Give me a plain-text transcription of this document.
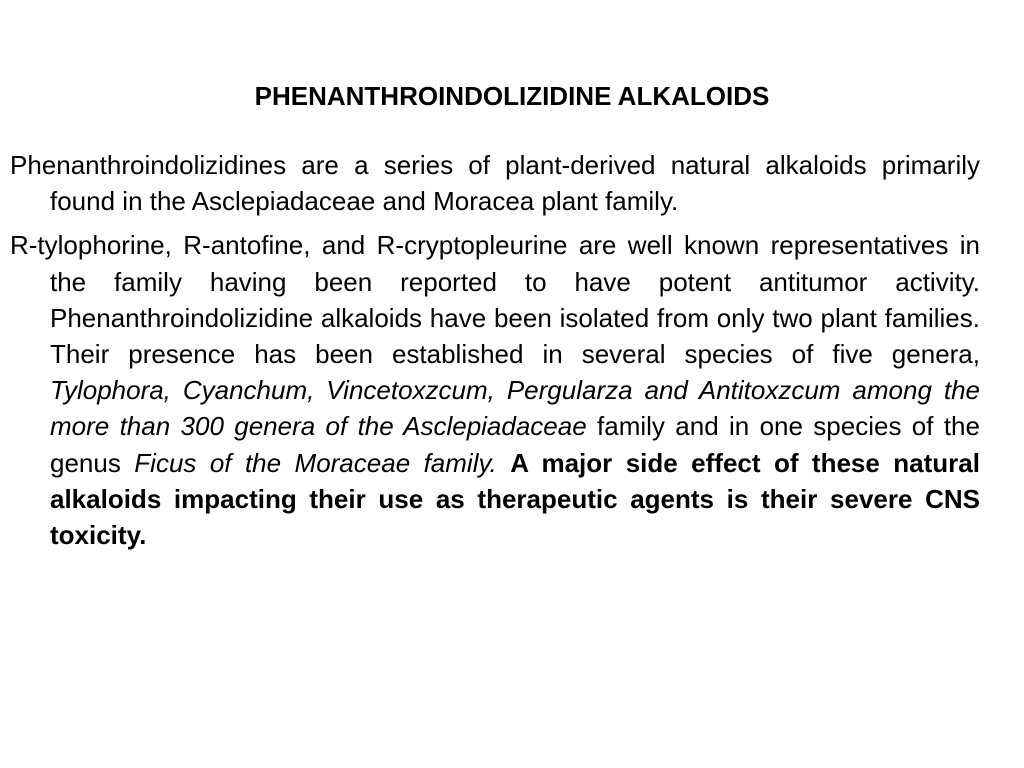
PHENANTHROINDOLIZIDINE ALKALOIDS

Phenanthroindolizidines are a series of plant-derived natural alkaloids primarily found in the Asclepiadaceae and Moracea plant family.

R-tylophorine, R-antofine, and R-cryptopleurine are well known representatives in the family having been reported to have potent antitumor activity. Phenanthroindolizidine alkaloids have been isolated from only two plant families. Their presence has been established in several species of five genera, Tylophora, Cyanchum, Vincetoxzcum, Pergularza and Antitoxzcum among the more than 300 genera of the Asclepiadaceae family and in one species of the genus Ficus of the Moraceae family. A major side effect of these natural alkaloids impacting their use as therapeutic agents is their severe CNS toxicity.
